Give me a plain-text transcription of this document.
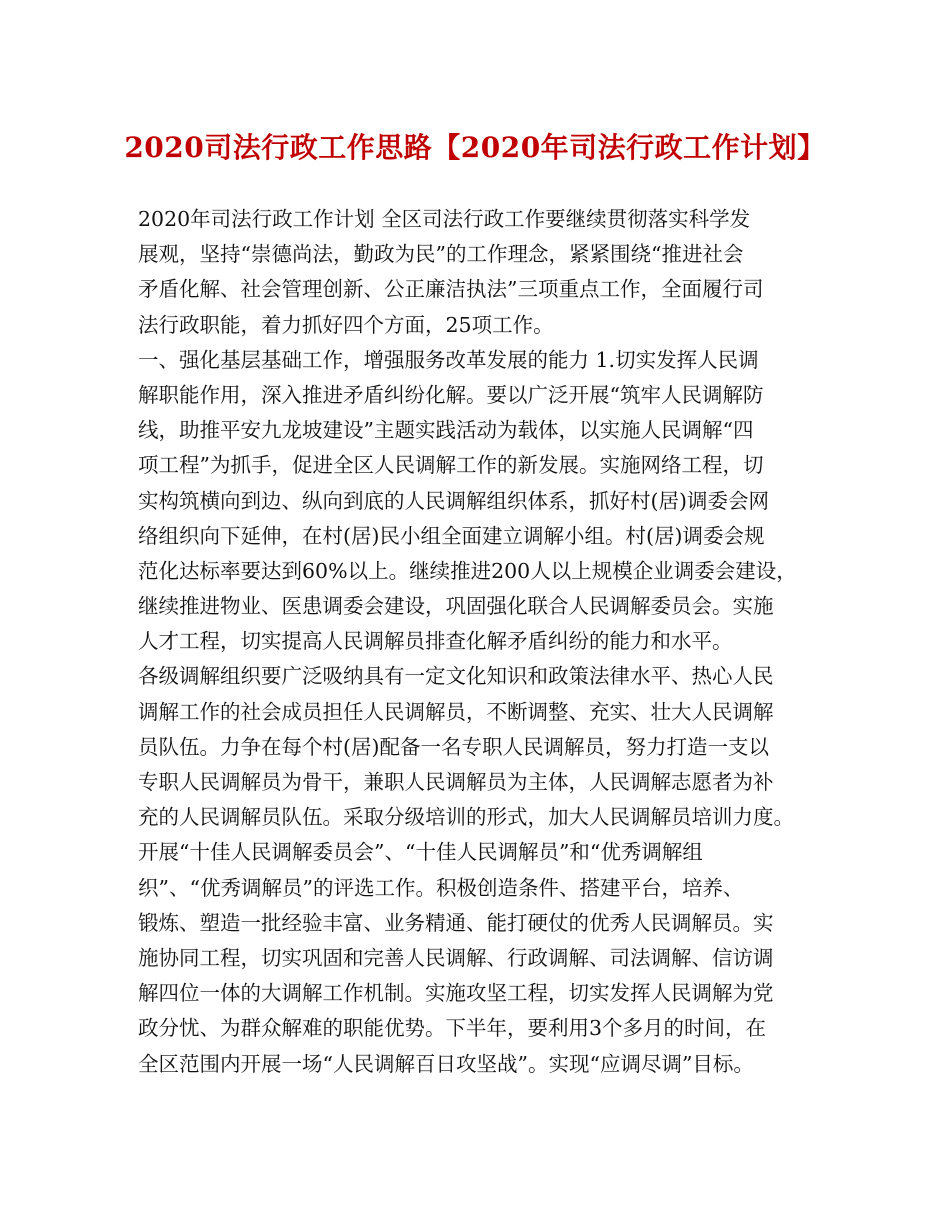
2020司法行政工作思路【2020年司法行政工作计划】
2020年司法行政工作计划 全区司法行政工作要继续贯彻落实科学发
展观，坚持“崇德尚法，勤政为民”的工作理念，紧紧围绕“推进社会
矛盾化解、社会管理创新、公正廉洁执法”三项重点工作，全面履行司
法行政职能，着力抓好四个方面，25项工作。
一、强化基层基础工作，增强服务改革发展的能力 1.切实发挥人民调
解职能作用，深入推进矛盾纠纷化解。要以广泛开展“筑牢人民调解防
线，助推平安九龙坡建设”主题实践活动为载体，以实施人民调解“四
项工程”为抓手，促进全区人民调解工作的新发展。实施网络工程，切
实构筑横向到边、纵向到底的人民调解组织体系，抓好村(居)调委会网
络组织向下延伸，在村(居)民小组全面建立调解小组。村(居)调委会规
范化达标率要达到60%以上。继续推进200人以上规模企业调委会建设，
继续推进物业、医患调委会建设，巩固强化联合人民调解委员会。实施
人才工程，切实提高人民调解员排查化解矛盾纠纷的能力和水平。
各级调解组织要广泛吸纳具有一定文化知识和政策法律水平、热心人民
调解工作的社会成员担任人民调解员，不断调整、充实、壮大人民调解
员队伍。力争在每个村(居)配备一名专职人民调解员，努力打造一支以
专职人民调解员为骨干，兼职人民调解员为主体，人民调解志愿者为补
充的人民调解员队伍。采取分级培训的形式，加大人民调解员培训力度。
开展“十佳人民调解委员会”、“十佳人民调解员”和“优秀调解组
织”、“优秀调解员”的评选工作。积极创造条件、搭建平台，培养、
锻炼、塑造一批经验丰富、业务精通、能打硬仗的优秀人民调解员。实
施协同工程，切实巩固和完善人民调解、行政调解、司法调解、信访调
解四位一体的大调解工作机制。实施攻坚工程，切实发挥人民调解为党
政分忧、为群众解难的职能优势。下半年，要利用3个多月的时间，在
全区范围内开展一场“人民调解百日攻坚战”。实现“应调尽调”目标。
